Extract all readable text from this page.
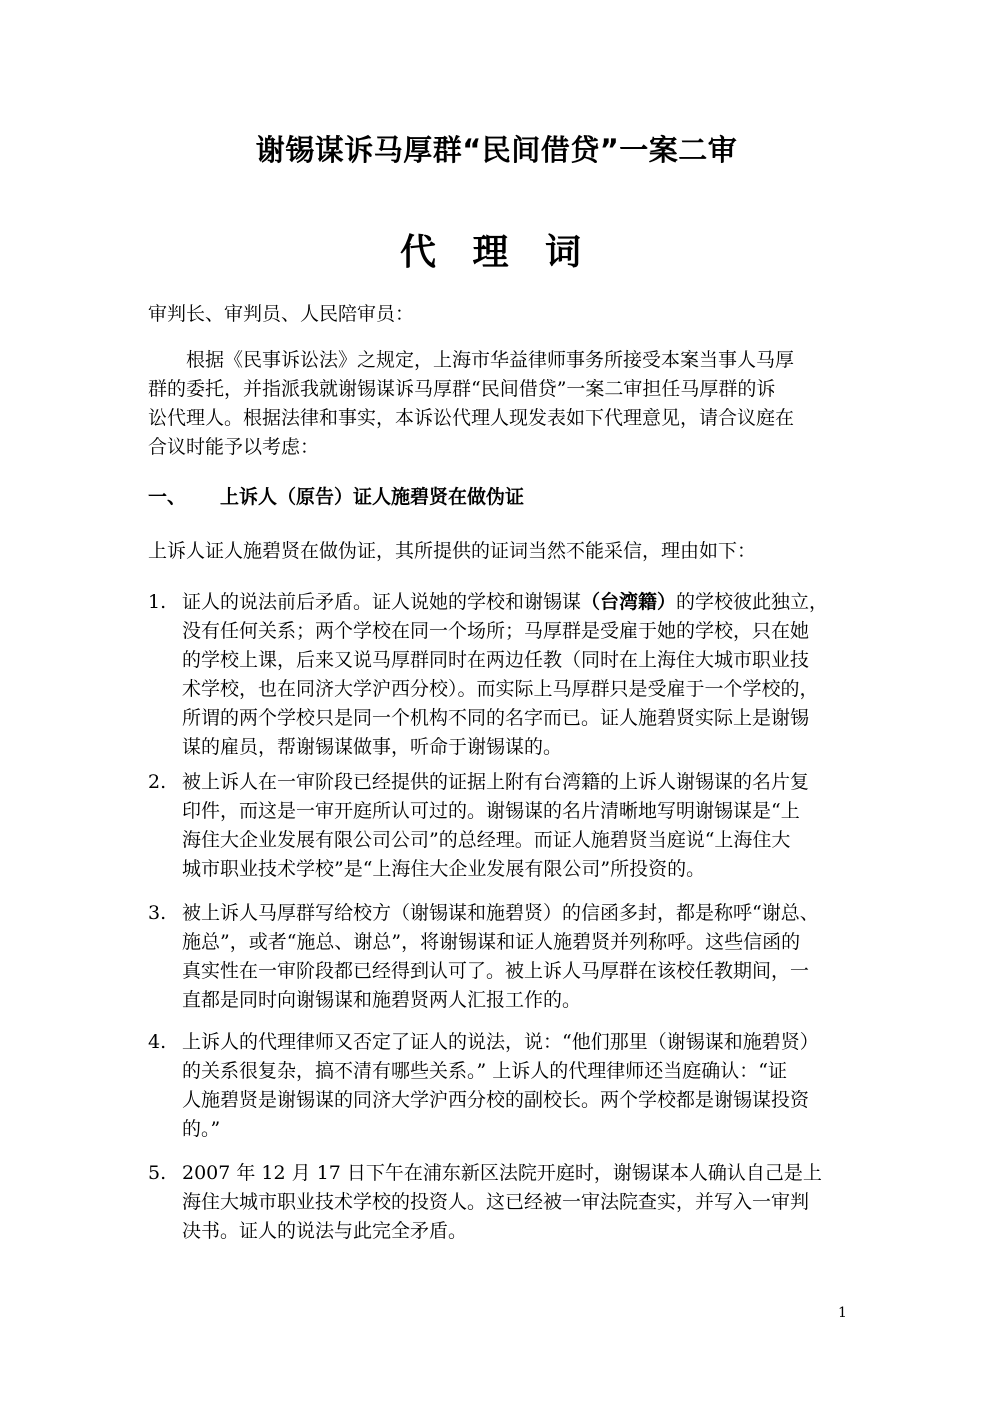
谢锡谋诉马厚群“民间借贷”一案二审
代 理 词
审判长、审判员、人民陪审员：
根据《民事诉讼法》之规定，上海市华益律师事务所接受本案当事人马厚
群的委托，并指派我就谢锡谋诉马厚群“民间借贷”一案二审担任马厚群的诉
讼代理人。根据法律和事实，本诉讼代理人现发表如下代理意见，请合议庭在
合议时能予以考虑：
一、 上诉人（原告）证人施碧贤在做伪证
上诉人证人施碧贤在做伪证，其所提供的证词当然不能采信，理由如下：
1. 证人的说法前后矛盾。证人说她的学校和谢锡谋（台湾籍）的学校彼此独立，
没有任何关系；两个学校在同一个场所；马厚群是受雇于她的学校，只在她
的学校上课，后来又说马厚群同时在两边任教（同时在上海住大城市职业技
术学校，也在同济大学沪西分校）。而实际上马厚群只是受雇于一个学校的，
所谓的两个学校只是同一个机构不同的名字而已。证人施碧贤实际上是谢锡
谋的雇员，帮谢锡谋做事，听命于谢锡谋的。
2. 被上诉人在一审阶段已经提供的证据上附有台湾籍的上诉人谢锡谋的名片复
印件，而这是一审开庭所认可过的。谢锡谋的名片清晰地写明谢锡谋是“上
海住大企业发展有限公司公司”的总经理。而证人施碧贤当庭说“上海住大
城市职业技术学校”是“上海住大企业发展有限公司”所投资的。
3. 被上诉人马厚群写给校方（谢锡谋和施碧贤）的信函多封，都是称呼“谢总、
施总”，或者“施总、谢总”，将谢锡谋和证人施碧贤并列称呼。这些信函的
真实性在一审阶段都已经得到认可了。被上诉人马厚群在该校任教期间，一
直都是同时向谢锡谋和施碧贤两人汇报工作的。
4. 上诉人的代理律师又否定了证人的说法，说：“他们那里（谢锡谋和施碧贤）
的关系很复杂，搞不清有哪些关系。” 上诉人的代理律师还当庭确认：“证
人施碧贤是谢锡谋的同济大学沪西分校的副校长。两个学校都是谢锡谋投资
的。”
5. 2007 年 12 月 17 日下午在浦东新区法院开庭时，谢锡谋本人确认自己是上
海住大城市职业技术学校的投资人。这已经被一审法院查实，并写入一审判
决书。证人的说法与此完全矛盾。
1
